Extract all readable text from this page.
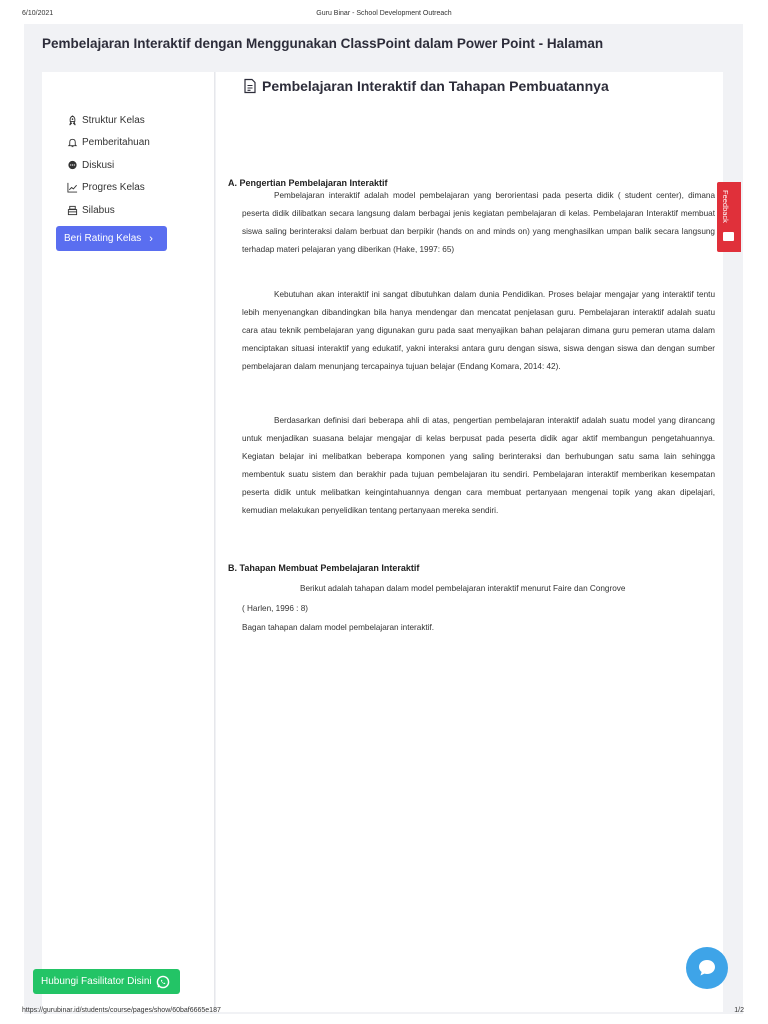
6/10/2021	Guru Binar - School Development Outreach
Pembelajaran Interaktif dengan Menggunakan ClassPoint dalam Power Point - Halaman
Struktur Kelas
Pemberitahuan
Diskusi
Progres Kelas
Silabus
Beri Rating Kelas ›
Pembelajaran Interaktif dan Tahapan Pembuatannya
A. Pengertian Pembelajaran Interaktif
Pembelajaran interaktif adalah model pembelajaran yang berorientasi pada peserta didik ( student center), dimana peserta didik dilibatkan secara langsung dalam berbagai jenis kegiatan pembelajaran di kelas. Pembelajaran Interaktif membuat siswa saling berinteraksi dalam berbuat dan berpikir (hands on and minds on) yang menghasilkan umpan balik secara langsung terhadap materi pelajaran yang diberikan (Hake, 1997: 65)
Kebutuhan akan interaktif ini sangat dibutuhkan dalam dunia Pendidikan. Proses belajar mengajar yang interaktif tentu lebih menyenangkan dibandingkan bila hanya mendengar dan mencatat penjelasan guru. Pembelajaran interaktif adalah suatu cara atau teknik pembelajaran yang digunakan guru pada saat menyajikan bahan pelajaran dimana guru pemeran utama dalam menciptakan situasi interaktif yang edukatif, yakni interaksi antara guru dengan siswa, siswa dengan siswa dan dengan sumber pembelajaran dalam menunjang tercapainya tujuan belajar (Endang Komara, 2014: 42).
Berdasarkan definisi dari beberapa ahli di atas, pengertian pembelajaran interaktif adalah suatu model yang dirancang untuk menjadikan suasana belajar mengajar di kelas berpusat pada peserta didik agar aktif membangun pengetahuannya. Kegiatan belajar ini melibatkan beberapa komponen yang saling berinteraksi dan berhubungan satu sama lain sehingga membentuk suatu sistem dan berakhir pada tujuan pembelajaran itu sendiri. Pembelajaran interaktif memberikan kesempatan peserta didik untuk melibatkan keingintahuannya dengan cara membuat pertanyaan mengenai topik yang akan dipelajari, kemudian melakukan penyelidikan tentang pertanyaan mereka sendiri.
B. Tahapan Membuat Pembelajaran Interaktif
Berikut adalah tahapan dalam model pembelajaran interaktif menurut Faire dan Congrove
( Harlen, 1996 : 8)
Bagan tahapan dalam model pembelajaran interaktif.
Feedback
Hubungi Fasilitator Disini
https://gurubinar.id/students/course/pages/show/60baf6665e187	1/2
